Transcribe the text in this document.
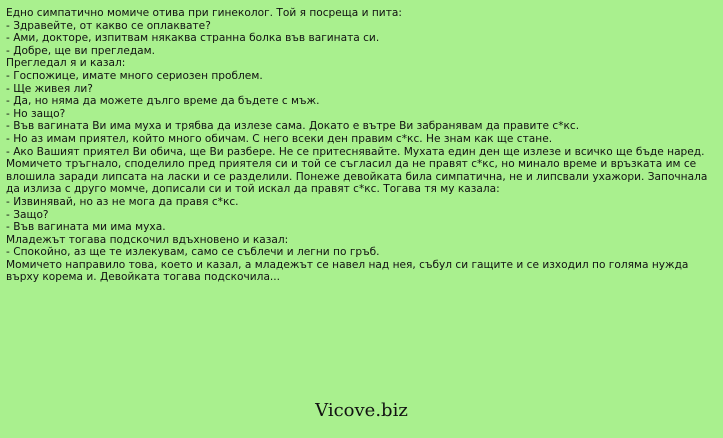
Едно симпатично момиче отива при гинеколог. Той я посреща и пита:

- Здравейте, от какво се оплаквате?

- Ами, докторе, изпитвам някаква странна болка във вагината си.

- Добре, ще ви прегледам.

Прегледал я и казал:

- Госпожице, имате много сериозен проблем.

- Ще живея ли?

- Да, но няма да можете дълго време да бъдете с мъж.

- Но защо?

- Във вагината Ви има муха и трябва да излезе сама. Докато е вътре Ви забранявам да правите с*кс.

- Но аз имам приятел, който много обичам. С него всеки ден правим с*кс. Не знам как ще стане.

- Ако Вашият приятел Ви обича, ще Ви разбере. Не се притеснявайте. Мухата един ден ще излезе и всичко ще бъде наред.

Момичето тръгнало, споделило пред приятеля си и той се съгласил да не правят с*кс, но минало време и връзката им се влошила заради липсата на ласки и се разделили. Понеже девойката била симпатична, не и липсвали ухажори. Започнала да излиза с друго момче, дописали си и той искал да правят с*кс. Тогава тя му казала:

- Извинявай, но аз не мога да правя с*кс.

- Защо?

- Във вагината ми има муха.

Младежът тогава подскочил вдъхновено и казал:

- Спокойно, аз ще те излекувам, само се съблечи и легни по гръб.

Момичето направило това, което и казал, а младежът се навел над нея, събул си гащите и се изходил по голяма нужда върху корема и. Девойката тогава подскочила...

Vicove.biz
